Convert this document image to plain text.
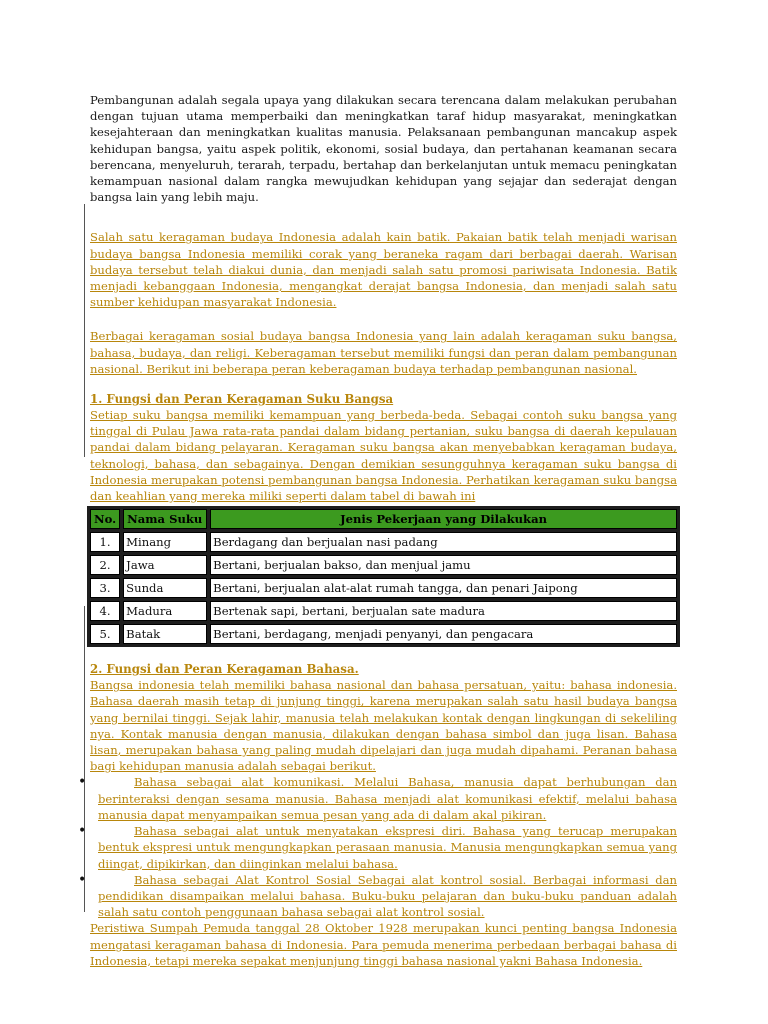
Pembangunan adalah segala upaya yang dilakukan secara terencana dalam melakukan perubahan dengan tujuan utama memperbaiki dan meningkatkan taraf hidup masyarakat, meningkatkan kesejahteraan dan meningkatkan kualitas manusia. Pelaksanaan pembangunan mancakup aspek kehidupan bangsa, yaitu aspek politik, ekonomi, sosial budaya, dan pertahanan keamanan secara berencana, menyeluruh, terarah, terpadu, bertahap dan berkelanjutan untuk memacu peningkatan kemampuan nasional dalam rangka mewujudkan kehidupan yang sejajar dan sederajat dengan bangsa lain yang lebih maju.

Salah satu keragaman budaya Indonesia adalah kain batik. Pakaian batik telah menjadi warisan budaya bangsa Indonesia memiliki corak yang beraneka ragam dari berbagai daerah. Warisan budaya tersebut telah diakui dunia, dan menjadi salah satu promosi pariwisata Indonesia. Batik menjadi kebanggaan Indonesia, mengangkat derajat bangsa Indonesia, dan menjadi salah satu sumber kehidupan masyarakat Indonesia.

Berbagai keragaman sosial budaya bangsa Indonesia yang lain adalah keragaman suku bangsa, bahasa, budaya, dan religi. Keberagaman tersebut memiliki fungsi dan peran dalam pembangunan nasional. Berikut ini beberapa peran keberagaman budaya terhadap pembangunan nasional.

1. Fungsi dan Peran Keragaman Suku Bangsa

Setiap suku bangsa memiliki kemampuan yang berbeda-beda. Sebagai contoh suku bangsa yang tinggal di Pulau Jawa rata-rata pandai dalam bidang pertanian, suku bangsa di daerah kepulauan pandai dalam bidang pelayaran. Keragaman suku bangsa akan menyebabkan keragaman budaya, teknologi, bahasa, dan sebagainya. Dengan demikian sesungguhnya keragaman suku bangsa di Indonesia merupakan potensi pembangunan bangsa Indonesia. Perhatikan keragaman suku bangsa dan keahlian yang mereka miliki seperti dalam tabel di bawah ini

No.	Nama Suku	Jenis Pekerjaan yang Dilakukan
1.	Minang	Berdagang dan berjualan nasi padang
2.	Jawa	Bertani, berjualan bakso, dan menjual jamu
3.	Sunda	Bertani, berjualan alat-alat rumah tangga, dan penari Jaipong
4.	Madura	Bertenak sapi, bertani, berjualan sate madura
5.	Batak	Bertani, berdagang, menjadi penyanyi, dan pengacara
2. Fungsi dan Peran Keragaman Bahasa.

Bangsa indonesia telah memiliki bahasa nasional dan bahasa persatuan, yaitu: bahasa indonesia. Bahasa daerah masih tetap di junjung tinggi, karena merupakan salah satu hasil budaya bangsa yang bernilai tinggi. Sejak lahir, manusia telah melakukan kontak dengan lingkungan di sekeliling nya. Kontak manusia dengan manusia, dilakukan dengan bahasa simbol dan juga lisan. Bahasa lisan, merupakan bahasa yang paling mudah dipelajari dan juga mudah dipahami. Peranan bahasa bagi kehidupan manusia adalah sebagai berikut.

•	Bahasa sebagai alat komunikasi. Melalui Bahasa, manusia dapat berhubungan dan berinteraksi dengan sesama manusia. Bahasa menjadi alat komunikasi efektif, melalui bahasa manusia dapat menyampaikan semua pesan yang ada di dalam akal pikiran.

•	Bahasa sebagai alat untuk menyatakan ekspresi diri. Bahasa yang terucap merupakan bentuk ekspresi untuk mengungkapkan perasaan manusia. Manusia mengungkapkan semua yang diingat, dipikirkan, dan diinginkan melalui bahasa.

•	Bahasa sebagai Alat Kontrol Sosial Sebagai alat kontrol sosial. Berbagai informasi dan pendidikan disampaikan melalui bahasa. Buku-buku pelajaran dan buku-buku panduan adalah salah satu contoh penggunaan bahasa sebagai alat kontrol sosial.

Peristiwa Sumpah Pemuda tanggal 28 Oktober 1928 merupakan kunci penting bangsa Indonesia mengatasi keragaman bahasa di Indonesia. Para pemuda menerima perbedaan berbagai bahasa di Indonesia, tetapi mereka sepakat menjunjung tinggi bahasa nasional yakni Bahasa Indonesia.
